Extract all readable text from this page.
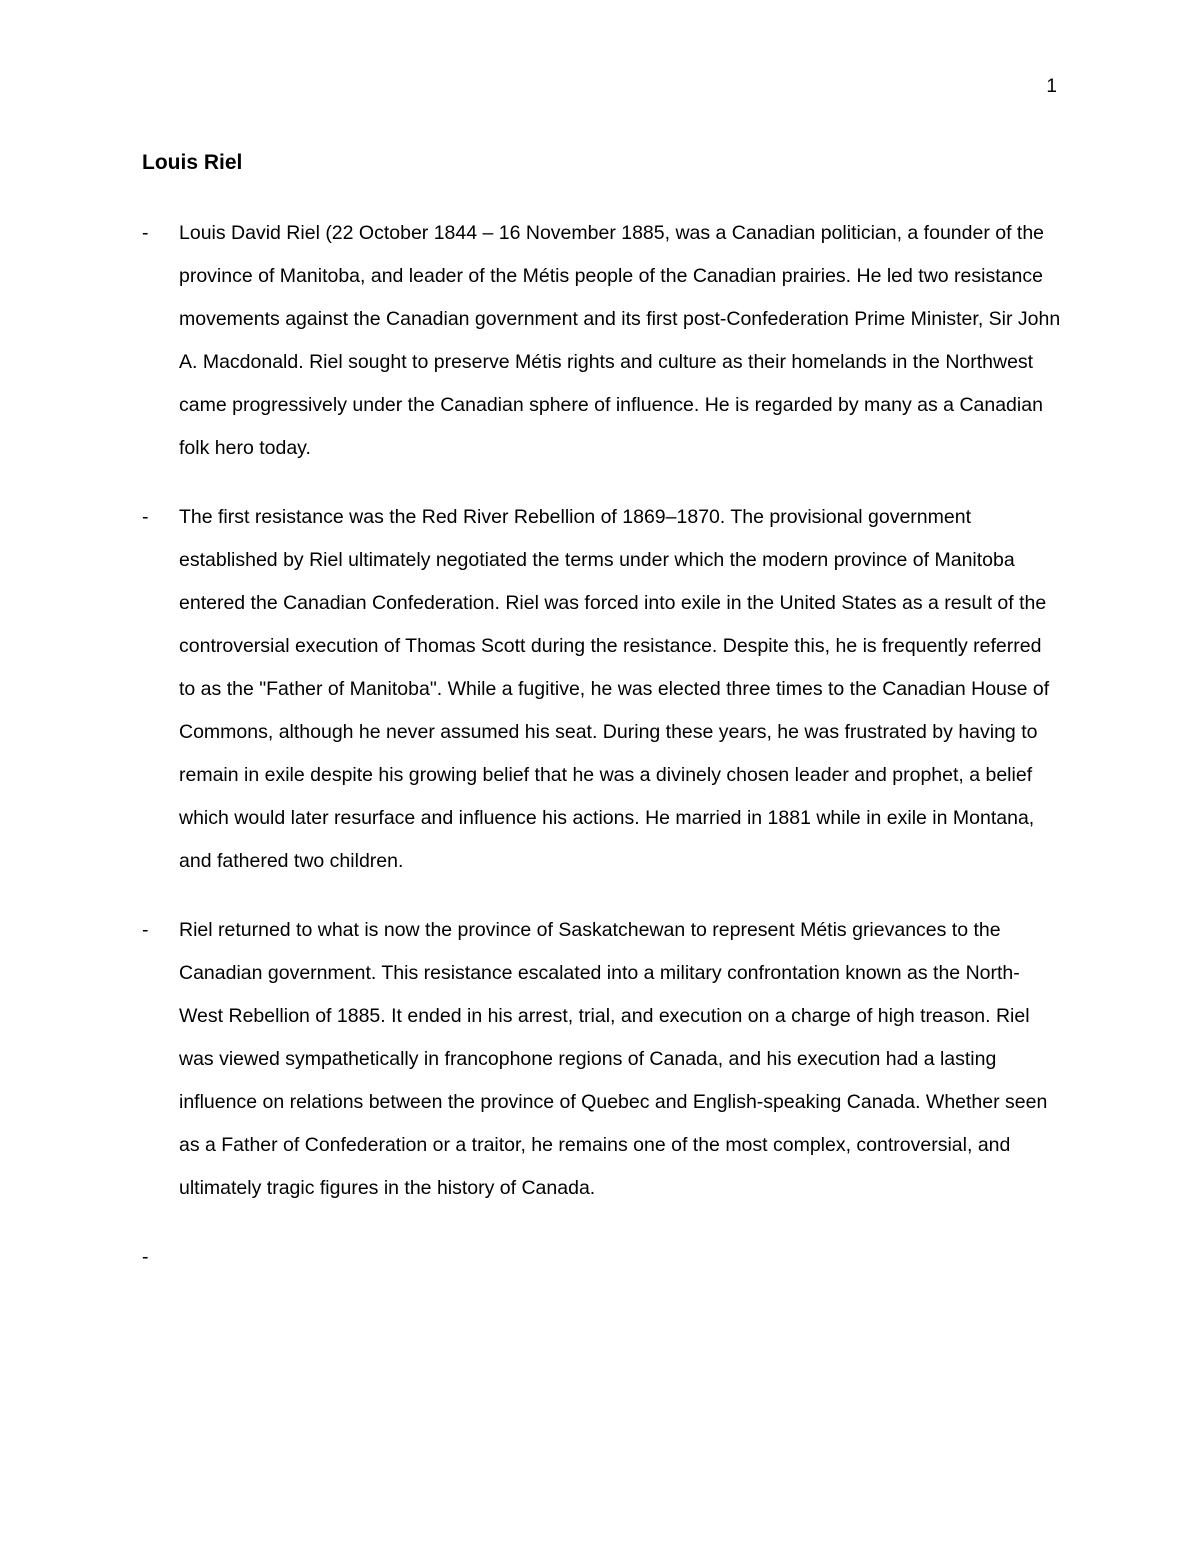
1
Louis Riel
-	Louis David Riel (22 October 1844 – 16 November 1885, was a Canadian politician, a founder of the province of Manitoba, and leader of the Métis people of the Canadian prairies. He led two resistance movements against the Canadian government and its first post-Confederation Prime Minister, Sir John A. Macdonald. Riel sought to preserve Métis rights and culture as their homelands in the Northwest came progressively under the Canadian sphere of influence. He is regarded by many as a Canadian folk hero today.
-	The first resistance was the Red River Rebellion of 1869–1870. The provisional government established by Riel ultimately negotiated the terms under which the modern province of Manitoba entered the Canadian Confederation. Riel was forced into exile in the United States as a result of the controversial execution of Thomas Scott during the resistance. Despite this, he is frequently referred to as the "Father of Manitoba". While a fugitive, he was elected three times to the Canadian House of Commons, although he never assumed his seat. During these years, he was frustrated by having to remain in exile despite his growing belief that he was a divinely chosen leader and prophet, a belief which would later resurface and influence his actions. He married in 1881 while in exile in Montana, and fathered two children.
-	Riel returned to what is now the province of Saskatchewan to represent Métis grievances to the Canadian government. This resistance escalated into a military confrontation known as the North-West Rebellion of 1885. It ended in his arrest, trial, and execution on a charge of high treason. Riel was viewed sympathetically in francophone regions of Canada, and his execution had a lasting influence on relations between the province of Quebec and English-speaking Canada. Whether seen as a Father of Confederation or a traitor, he remains one of the most complex, controversial, and ultimately tragic figures in the history of Canada.
-
